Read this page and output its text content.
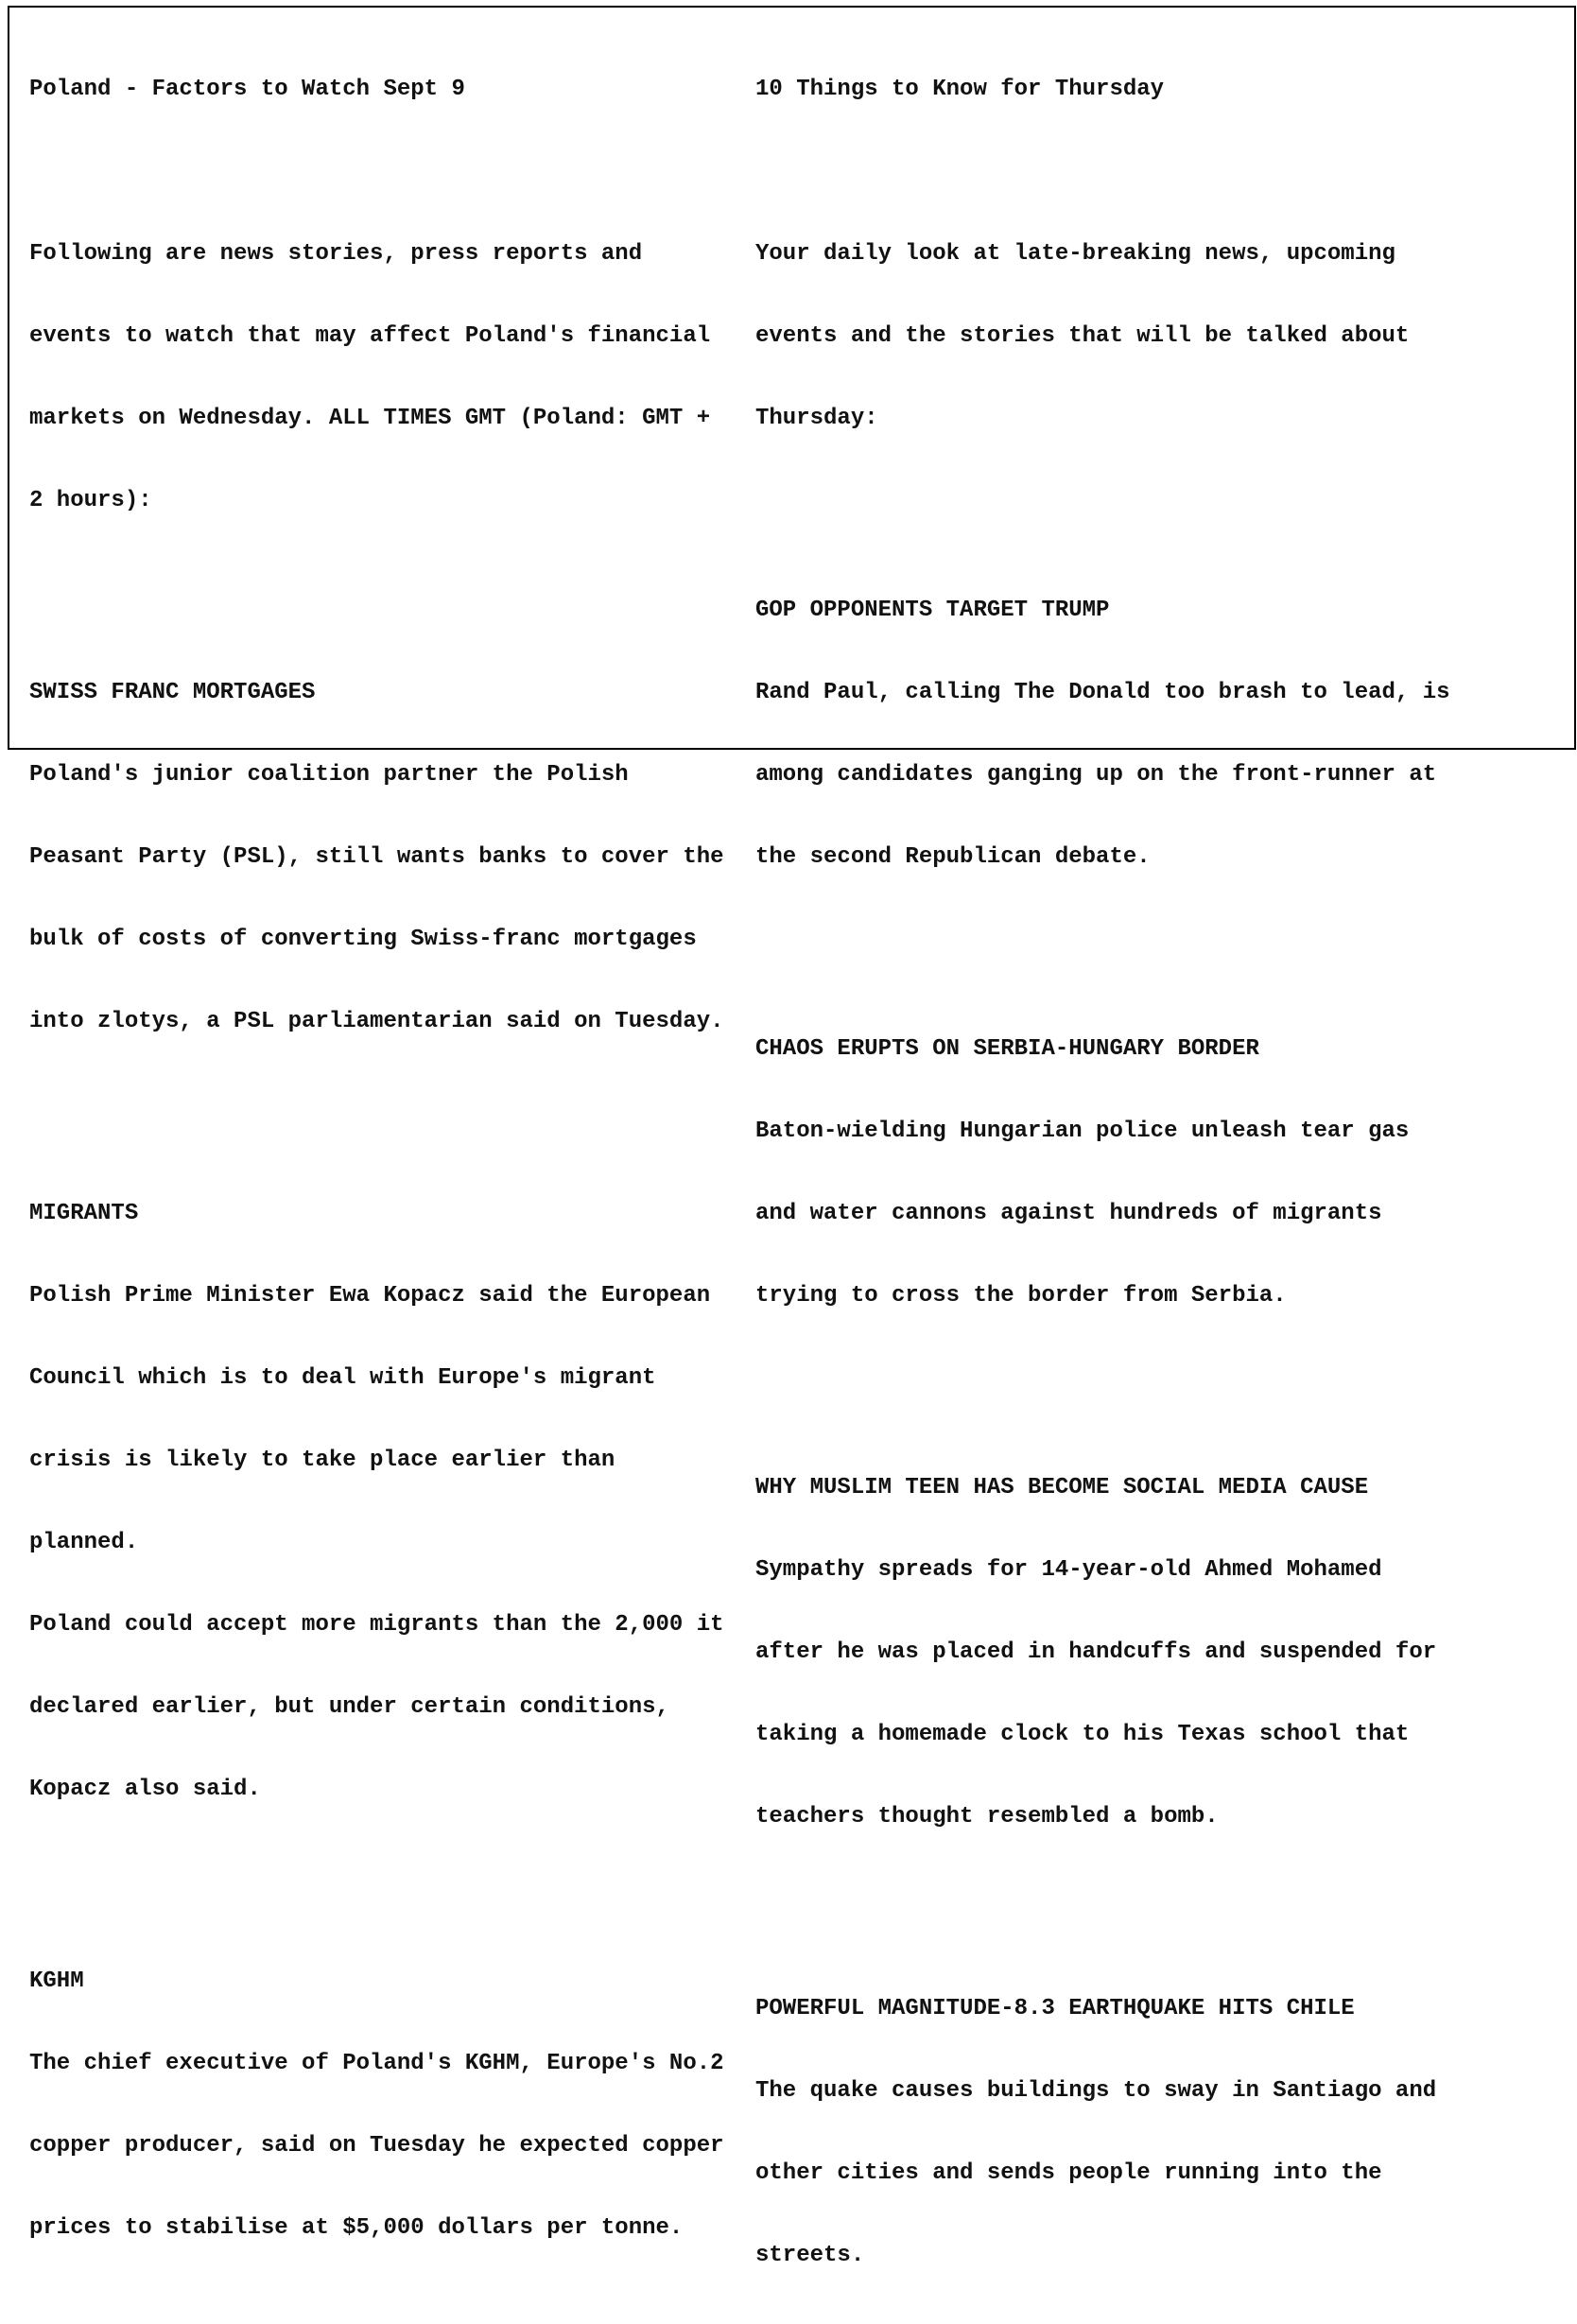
Poland - Factors to Watch Sept 9

Following are news stories, press reports and

events to watch that may affect Poland's financial

markets on Wednesday. ALL TIMES GMT (Poland: GMT +

2 hours):

SWISS FRANC MORTGAGES

Poland's junior coalition partner the Polish

Peasant Party (PSL), still wants banks to cover the

bulk of costs of converting Swiss-franc mortgages

into zlotys, a PSL parliamentarian said on Tuesday.

MIGRANTS

Polish Prime Minister Ewa Kopacz said the European

Council which is to deal with Europe's migrant

crisis is likely to take place earlier than

planned.

Poland could accept more migrants than the 2,000 it

declared earlier, but under certain conditions,

Kopacz also said.

KGHM

The chief executive of Poland's KGHM, Europe's No.2

copper producer, said on Tuesday he expected copper

prices to stabilise at $5,000 dollars per tonne.

10 Things to Know for Thursday

Your daily look at late-breaking news, upcoming

events and the stories that will be talked about

Thursday:

GOP OPPONENTS TARGET TRUMP

Rand Paul, calling The Donald too brash to lead, is

among candidates ganging up on the front-runner at

the second Republican debate.

CHAOS ERUPTS ON SERBIA-HUNGARY BORDER

Baton-wielding Hungarian police unleash tear gas

and water cannons against hundreds of migrants

trying to cross the border from Serbia.

WHY MUSLIM TEEN HAS BECOME SOCIAL MEDIA CAUSE

Sympathy spreads for 14-year-old Ahmed Mohamed

after he was placed in handcuffs and suspended for

taking a homemade clock to his Texas school that

teachers thought resembled a bomb.

POWERFUL MAGNITUDE-8.3 EARTHQUAKE HITS CHILE

The quake causes buildings to sway in Santiago and

other cities and sends people running into the

streets.
